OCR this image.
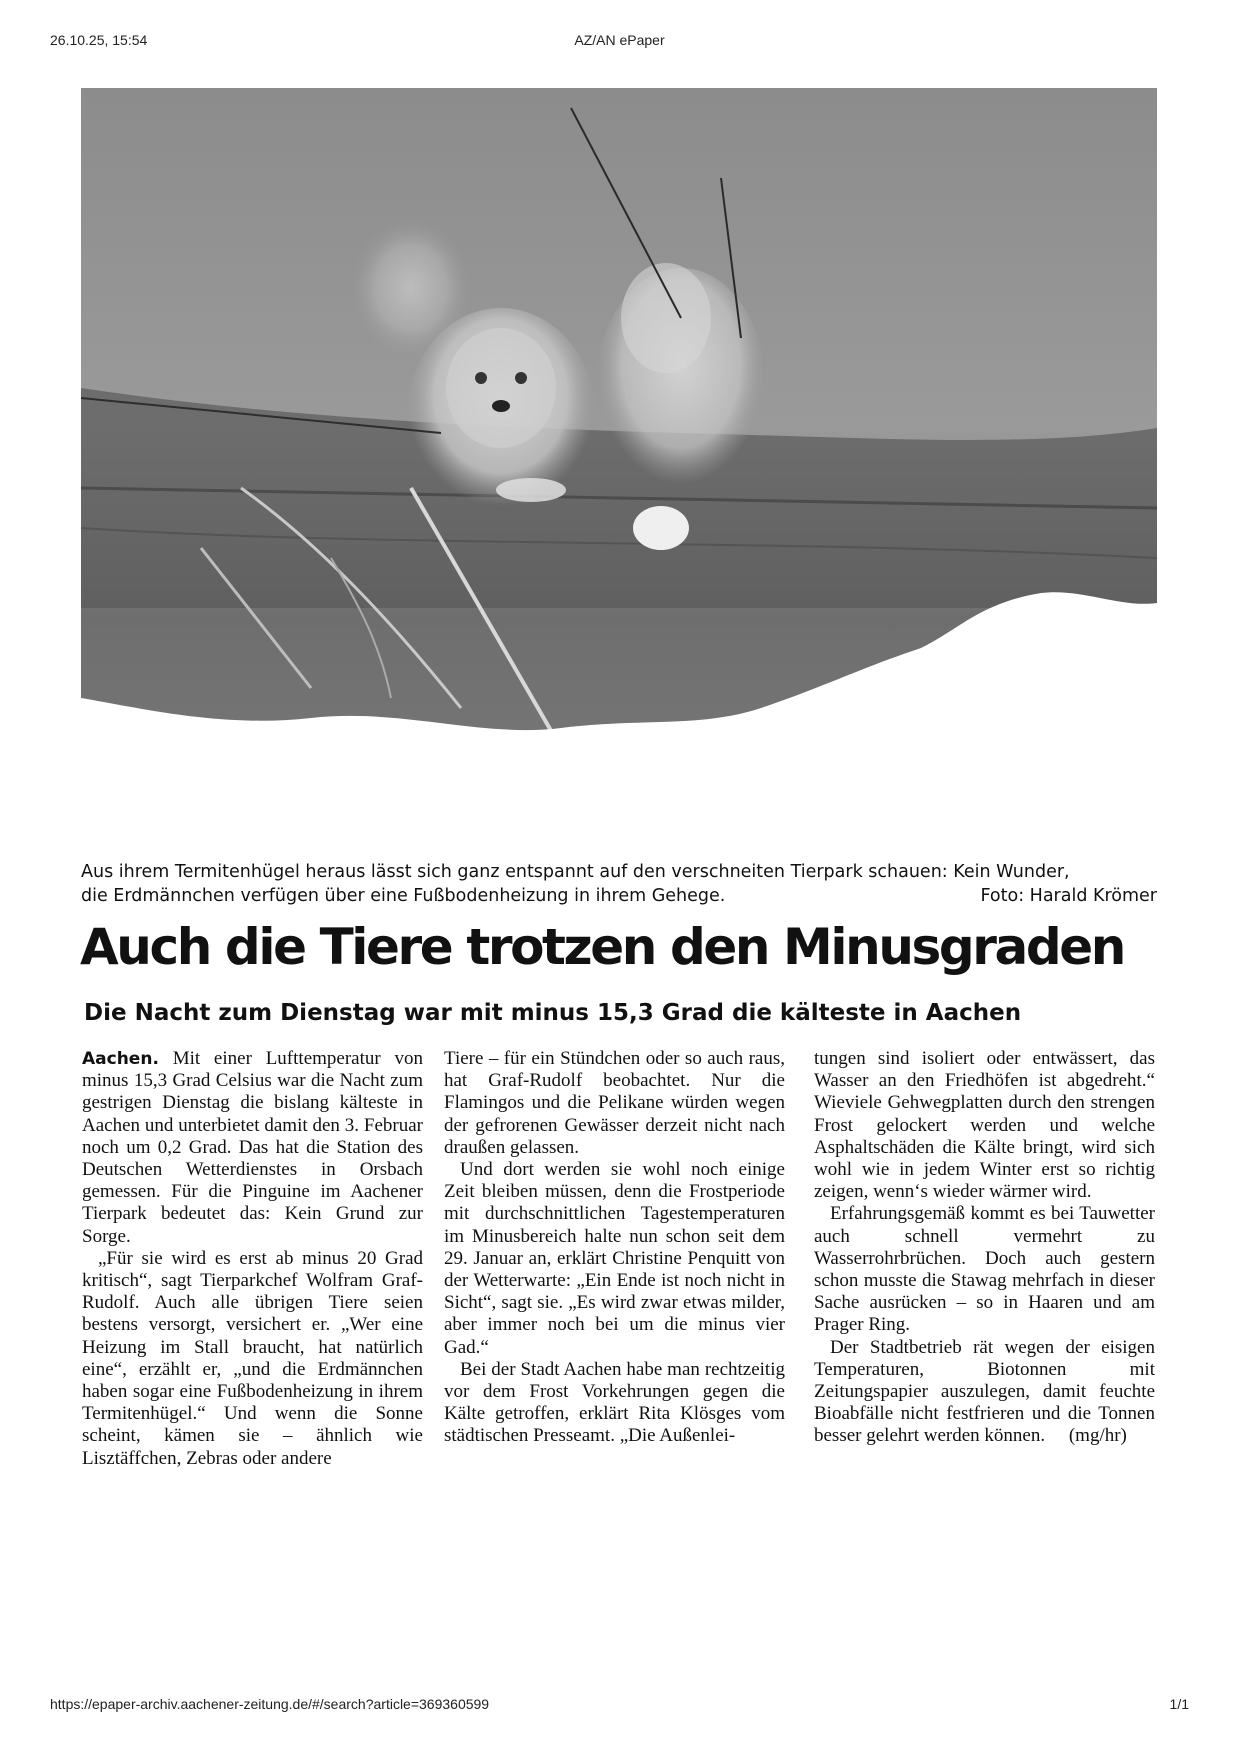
26.10.25, 15:54	AZ/AN ePaper
Aus ihrem Termitenhügel heraus lässt sich ganz entspannt auf den verschneiten Tierpark schauen: Kein Wunder,
die Erdmännchen verfügen über eine Fußbodenheizung in ihrem Gehege.	Foto: Harald Krömer
Auch die Tiere trotzen den Minusgraden
Die Nacht zum Dienstag war mit minus 15,3 Grad die kälteste in Aachen

Aachen. Mit einer Lufttemperatur von minus 15,3 Grad Celsius war die Nacht zum gestrigen Dienstag die bislang kälteste in Aachen und unterbietet damit den 3. Februar noch um 0,2 Grad. Das hat die Station des Deutschen Wetterdienstes in Orsbach gemessen. Für die Pinguine im Aachener Tierpark bedeutet das: Kein Grund zur Sorge.

„Für sie wird es erst ab minus 20 Grad kritisch“, sagt Tierparkchef Wolfram Graf-Rudolf. Auch alle übrigen Tiere seien bestens versorgt, versichert er. „Wer eine Heizung im Stall braucht, hat natürlich eine“, erzählt er, „und die Erdmännchen haben sogar eine Fußbodenheizung in ihrem Termitenhügel.“ Und wenn die Sonne scheint, kämen sie – ähnlich wie Lisztäffchen, Zebras oder andere

Tiere – für ein Stündchen oder so auch raus, hat Graf-Rudolf beobachtet. Nur die Flamingos und die Pelikane würden wegen der gefrorenen Gewässer derzeit nicht nach draußen gelassen.

Und dort werden sie wohl noch einige Zeit bleiben müssen, denn die Frostperiode mit durchschnittlichen Tagestemperaturen im Minusbereich halte nun schon seit dem 29. Januar an, erklärt Christine Penquitt von der Wetterwarte: „Ein Ende ist noch nicht in Sicht“, sagt sie. „Es wird zwar etwas milder, aber immer noch bei um die minus vier Gad.“

Bei der Stadt Aachen habe man rechtzeitig vor dem Frost Vorkehrungen gegen die Kälte getroffen, erklärt Rita Klösges vom städtischen Presseamt. „Die Außenlei-

tungen sind isoliert oder entwässert, das Wasser an den Friedhöfen ist abgedreht.“ Wieviele Gehwegplatten durch den strengen Frost gelockert werden und welche Asphaltschäden die Kälte bringt, wird sich wohl wie in jedem Winter erst so richtig zeigen, wenn‘s wieder wärmer wird.

Erfahrungsgemäß kommt es bei Tauwetter auch schnell vermehrt zu Wasserrohrbrüchen. Doch auch gestern schon musste die Stawag mehrfach in dieser Sache ausrücken – so in Haaren und am Prager Ring.

Der Stadtbetrieb rät wegen der eisigen Temperaturen, Biotonnen mit Zeitungspapier auszulegen, damit feuchte Bioabfälle nicht festfrieren und die Tonnen besser gelehrt werden können. (mg/hr)

https://epaper-archiv.aachener-zeitung.de/#/search?article=369360599	1/1
